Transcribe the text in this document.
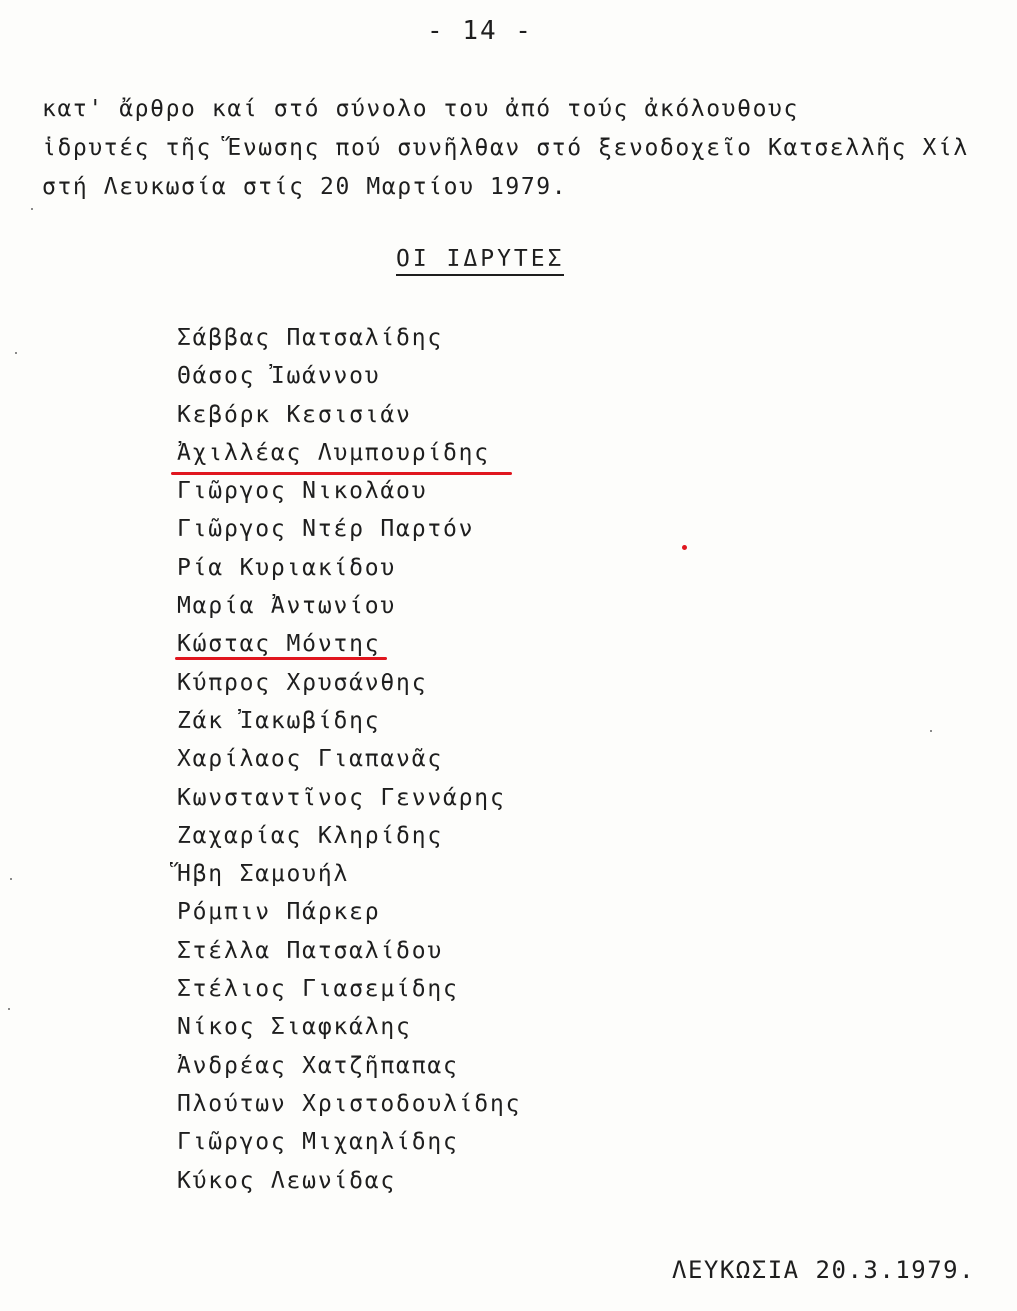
- 14 -
κατ' ἄρθρο καί στό σύνολο του ἀπό τούς ἀκόλουθους
ἱδρυτές τῆς Ἕνωσης πού συνῆλθαν στό ξενοδοχεῖο Κατσελλῆς Χίλ
στή Λευκωσία στίς 20 Μαρτίου 1979.
ΟΙ ΙΔΡΥΤΕΣ
Σάββας Πατσαλίδης
Θάσος Ἰωάννου
Κεβόρκ Κεσισιάν
Ἀχιλλέας Λυμπουρίδης
Γιῶργος Νικολάου
Γιῶργος Ντέρ Παρτόν
Ρία Κυριακίδου
Μαρία Ἀντωνίου
Κώστας Μόντης
Κύπρος Χρυσάνθης
Ζάκ Ἰακωβίδης
Χαρίλαος Γιαπανᾶς
Κωνσταντῖνος Γεννάρης
Ζαχαρίας Κληρίδης
Ἥβη Σαμουήλ
Ρόμπιν Πάρκερ
Στέλλα Πατσαλίδου
Στέλιος Γιασεμίδης
Νίκος Σιαφκάλης
Ἀνδρέας Χατζῆπαπας
Πλούτων Χριστοδουλίδης
Γιῶργος Μιχαηλίδης
Κύκος Λεωνίδας
ΛΕΥΚΩΣΙΑ 20.3.1979.
